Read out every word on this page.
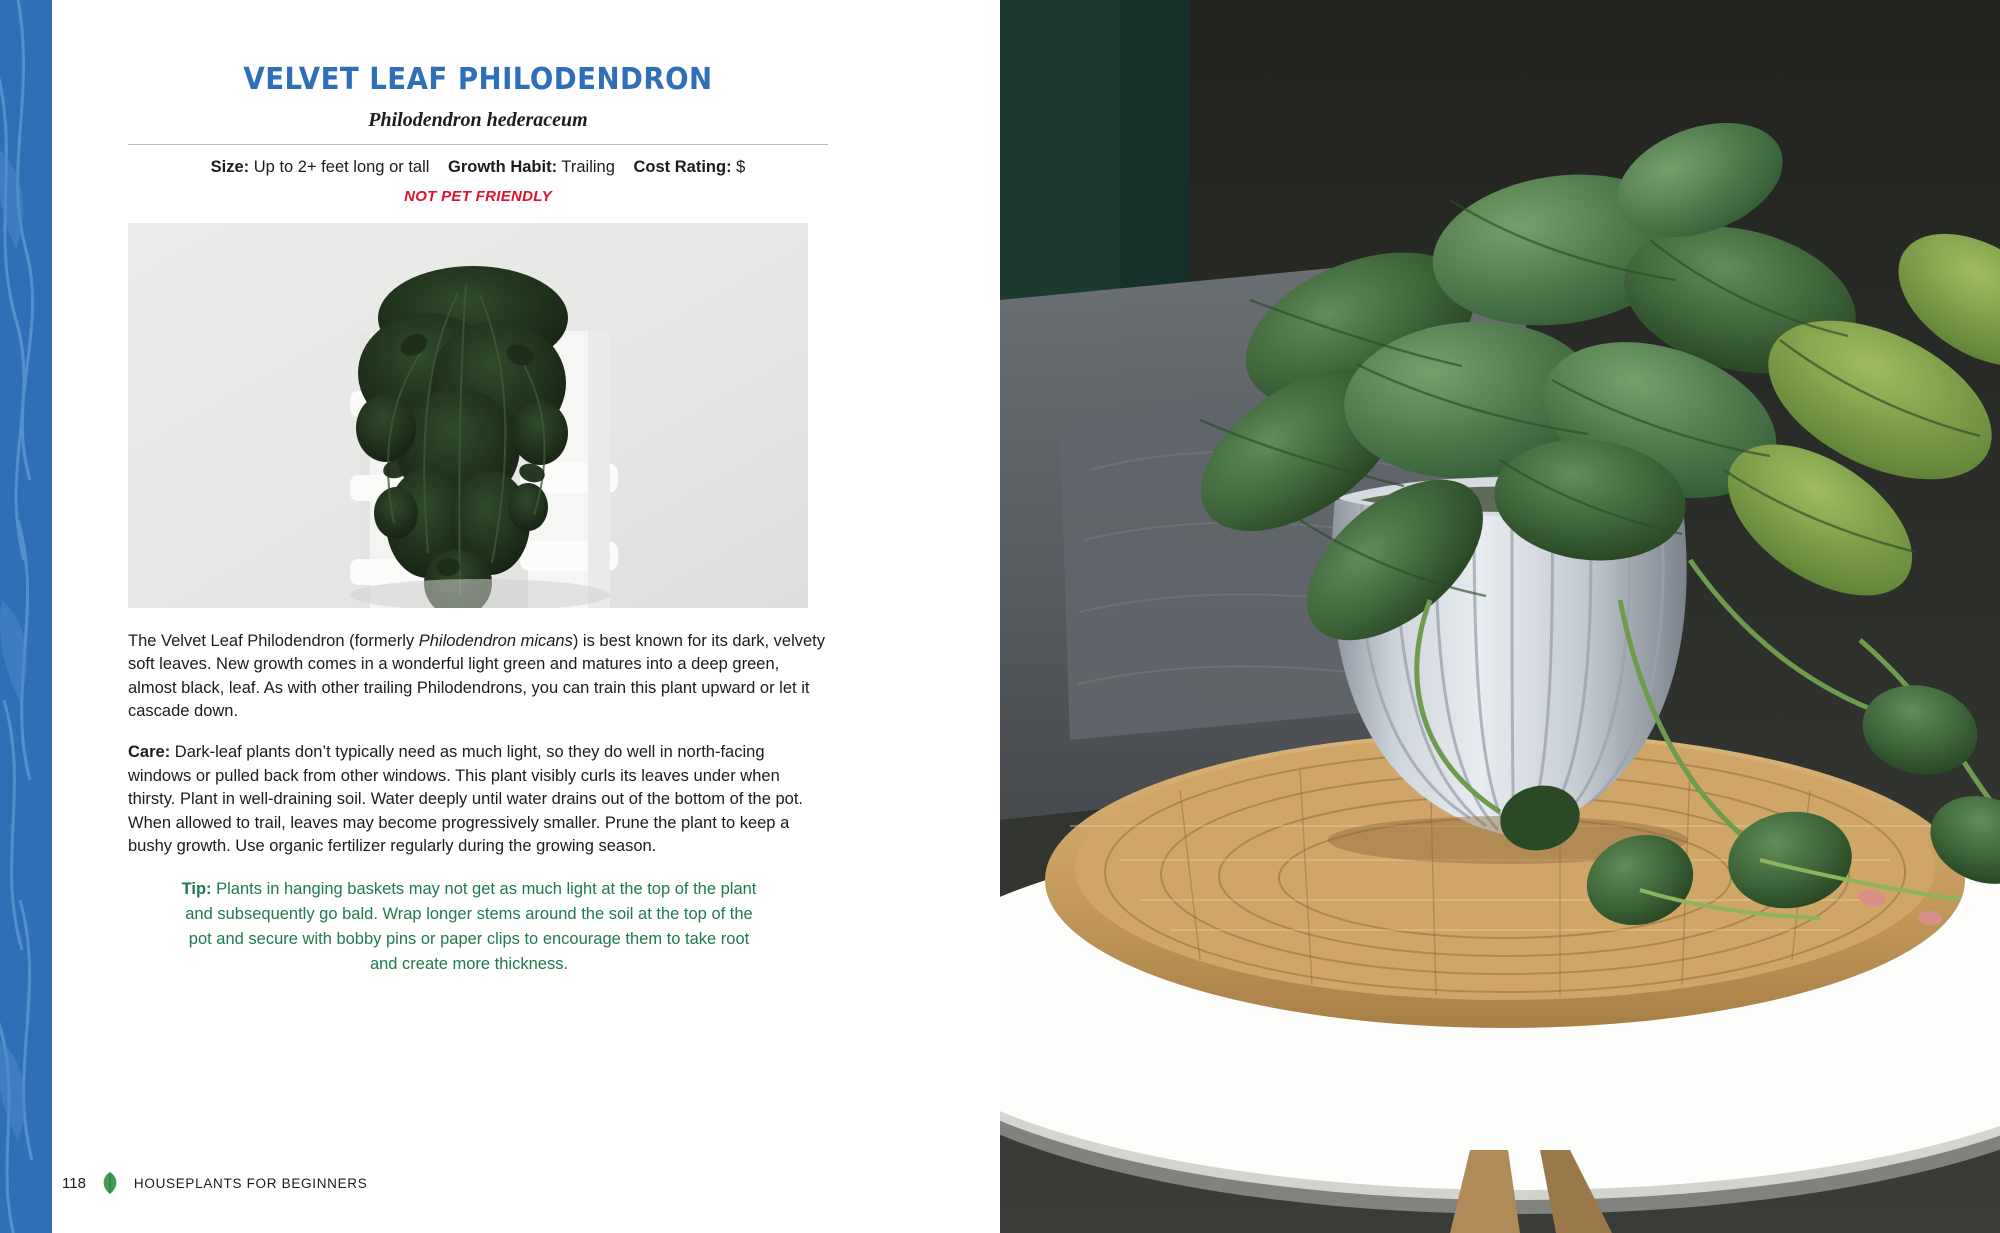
VELVET LEAF PHILODENDRON
Philodendron hederaceum
Size: Up to 2+ feet long or tall Growth Habit: Trailing Cost Rating: $
NOT PET FRIENDLY

The Velvet Leaf Philodendron (formerly Philodendron micans) is best known for its dark, velvety soft leaves. New growth comes in a wonderful light green and matures into a deep green, almost black, leaf. As with other trailing Philodendrons, you can train this plant upward or let it cascade down.

Care: Dark-leaf plants don’t typically need as much light, so they do well in north-facing windows or pulled back from other windows. This plant visibly curls its leaves under when thirsty. Plant in well-draining soil. Water deeply until water drains out of the bottom of the pot. When allowed to trail, leaves may become progressively smaller. Prune the plant to keep a bushy growth. Use organic fertilizer regularly during the growing season.

Tip: Plants in hanging baskets may not get as much light at the top of the plant and subsequently go bald. Wrap longer stems around the soil at the top of the pot and secure with bobby pins or paper clips to encourage them to take root and create more thickness.
118	HOUSEPLANTS FOR BEGINNERS
